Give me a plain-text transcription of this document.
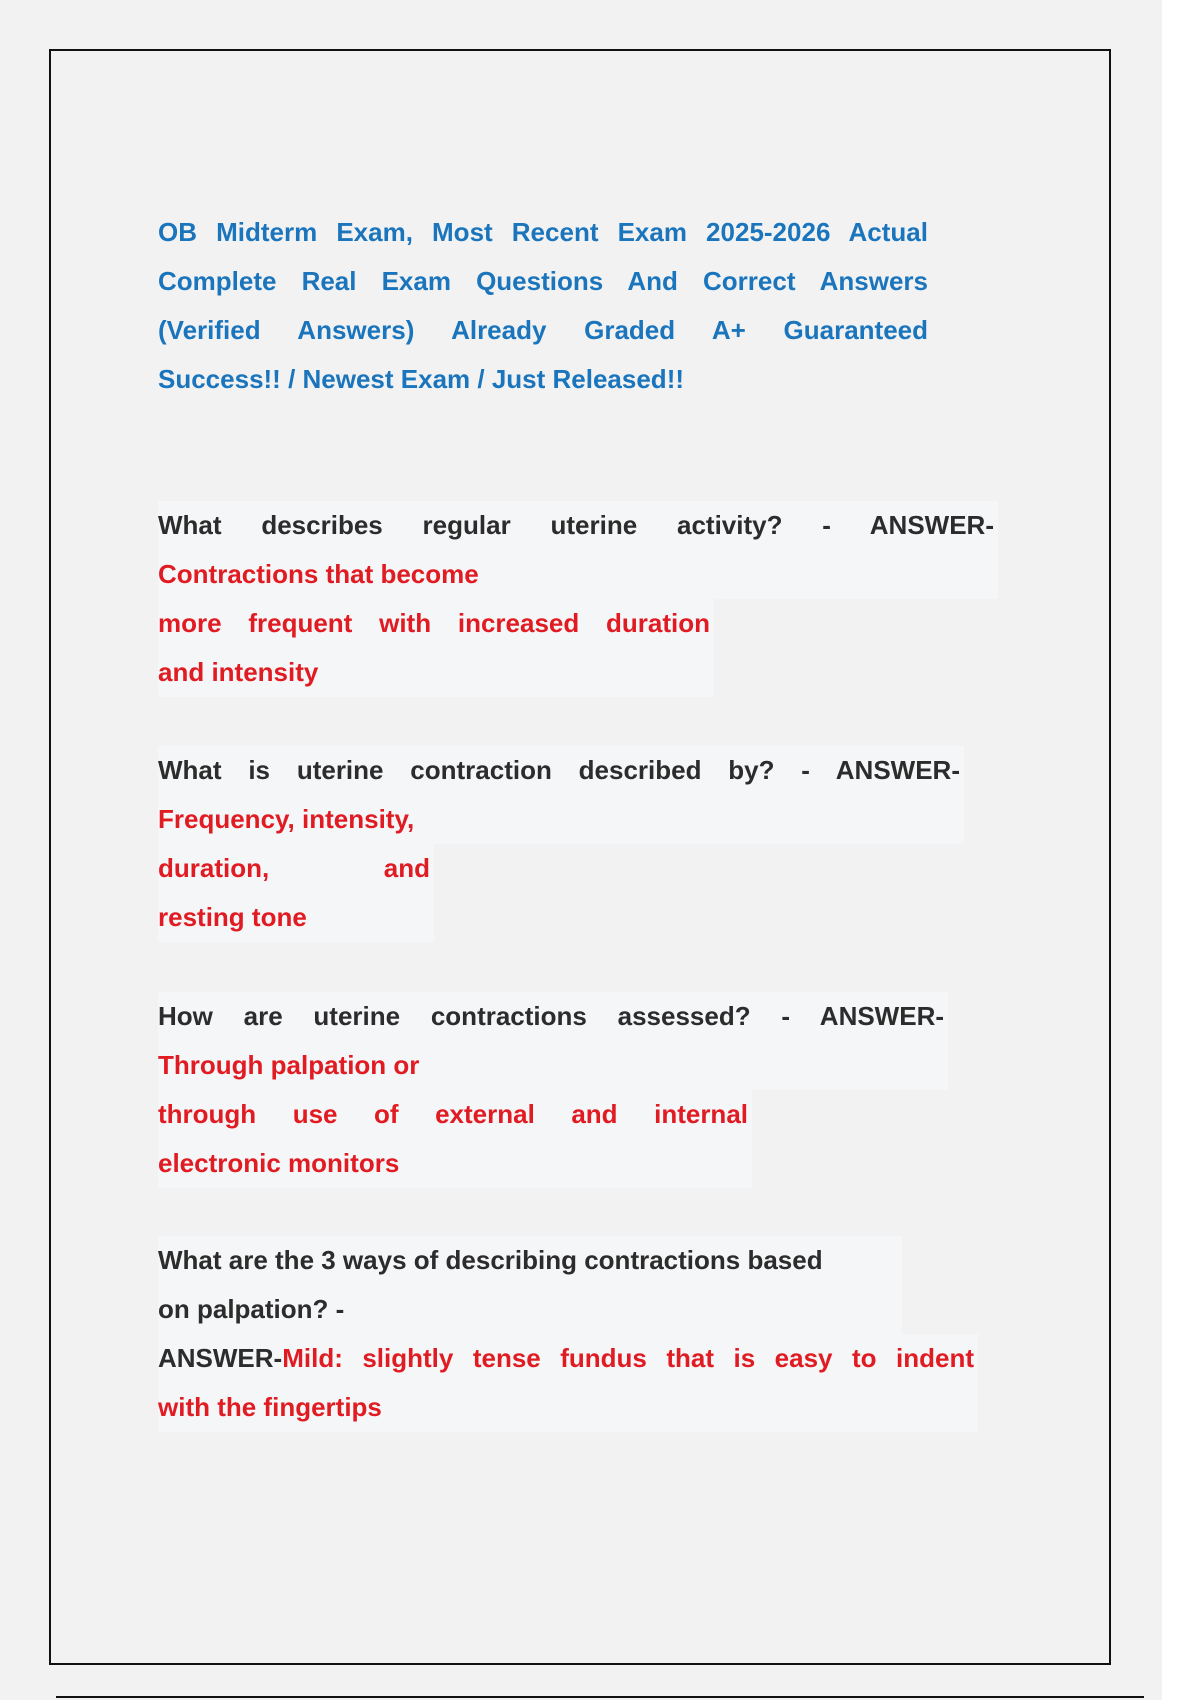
OB Midterm Exam, Most Recent Exam 2025-2026 Actual
Complete Real Exam Questions And Correct Answers
(Verified Answers) Already Graded A+ Guaranteed
Success!! / Newest Exam / Just Released!!
What describes regular uterine activity? - ANSWER-
Contractions that become
more frequent with increased duration
and intensity
What is uterine contraction described by? - ANSWER-
Frequency, intensity,
duration, and
resting tone
How are uterine contractions assessed? - ANSWER-
Through palpation or
through use of external and internal
electronic monitors
What are the 3 ways of describing contractions based
on palpation? -
ANSWER-Mild: slightly tense fundus that is easy to indent
with the fingertips
